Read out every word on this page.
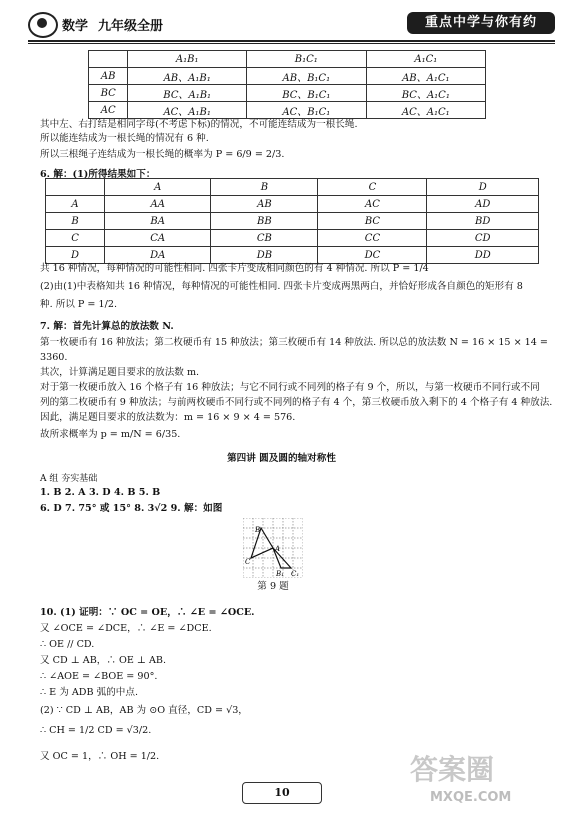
数学 九年级全册	重点中学与你有约
	A₁B₁	B₁C₁	A₁C₁
AB	AB、A₁B₁	AB、B₁C₁	AB、A₁C₁
BC	BC、A₁B₁	BC、B₁C₁	BC、A₁C₁
AC	AC、A₁B₁	AC、B₁C₁	AC、A₁C₁
其中左、右打结是相同字母(不考虑下标)的情况，不可能连结成为一根长绳.
所以能连结成为一根长绳的情况有 6 种.
所以三根绳子连结成为一根长绳的概率为 P = 6/9 = 2/3.
6. 解：(1)所得结果如下：
	A	B	C	D
A	AA	AB	AC	AD
B	BA	BB	BC	BD
C	CA	CB	CC	CD
D	DA	DB	DC	DD
共 16 种情况，每种情况的可能性相同. 四张卡片变成相同颜色的有 4 种情况. 所以 P = 1/4
(2)由(1)中表格知共 16 种情况，每种情况的可能性相同. 四张卡片变成两黑两白，并恰好形成各自颜色的矩形有 8
种. 所以 P = 1/2.
7. 解：首先计算总的放法数 N.
第一枚硬币有 16 种放法；第二枚硬币有 15 种放法；第三枚硬币有 14 种放法. 所以总的放法数 N = 16 × 15 × 14 =
3360.
其次，计算满足题目要求的放法数 m.
对于第一枚硬币放入 16 个格子有 16 种放法；与它不同行或不同列的格子有 9 个，所以，与第一枚硬币不同行或不同
列的第二枚硬币有 9 种放法；与前两枚硬币不同行或不同列的格子有 4 个，第三枚硬币放入剩下的 4 个格子有 4 种放法.
因此，满足题目要求的放法数为：m = 16 × 9 × 4 = 576.
故所求概率为 p = m/N = 6/35.
第四讲 圆及圆的轴对称性
A 组 夯实基础
1. B 2. A 3. D 4. B 5. B
6. D 7. 75° 或 15° 8. 3√2 9. 解：如图
B
A
C
B₁ C₁
第 9 题
10. (1) 证明：∵ OC = OE，∴ ∠E = ∠OCE.
又 ∠OCE = ∠DCE，∴ ∠E = ∠DCE.
∴ OE // CD.
又 CD ⊥ AB，∴ OE ⊥ AB.
∴ ∠AOE = ∠BOE = 90°.
∴ E 为 ADB 弧的中点.
(2) ∵ CD ⊥ AB，AB 为 ⊙O 直径，CD = √3，
∴ CH = 1/2 CD = √3/2.
又 OC = 1，∴ OH = 1/2.
10
答案圈
MXQE.COM
